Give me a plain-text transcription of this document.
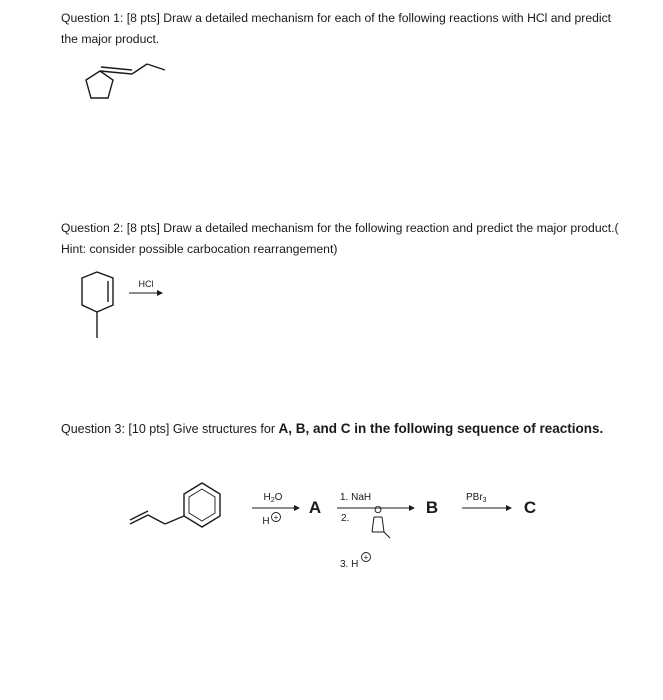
Question 1: [8 pts] Draw a detailed mechanism for each of the following reactions with HCl and predict the major product.
Question 2: [8 pts] Draw a detailed mechanism for the following reaction and predict the major product.( Hint: consider possible carbocation rearrangement)
Question 3: [10 pts] Give structures for A, B, and C in the following sequence of reactions.
HCl
$H_2O$
H +
A
1. NaH
2.
O
3. H
+
B
PBr$_3$ C
